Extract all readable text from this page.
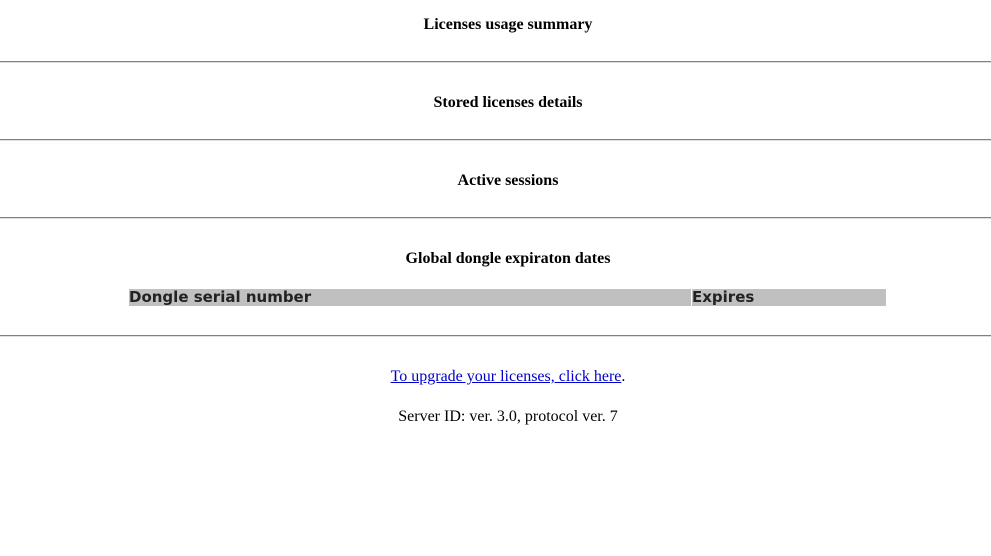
Licenses usage summary
Stored licenses details
Active sessions
Global dongle expiraton dates
Dongle serial number	Expires
To upgrade your licenses, click here.
Server ID: ver. 3.0, protocol ver. 7
